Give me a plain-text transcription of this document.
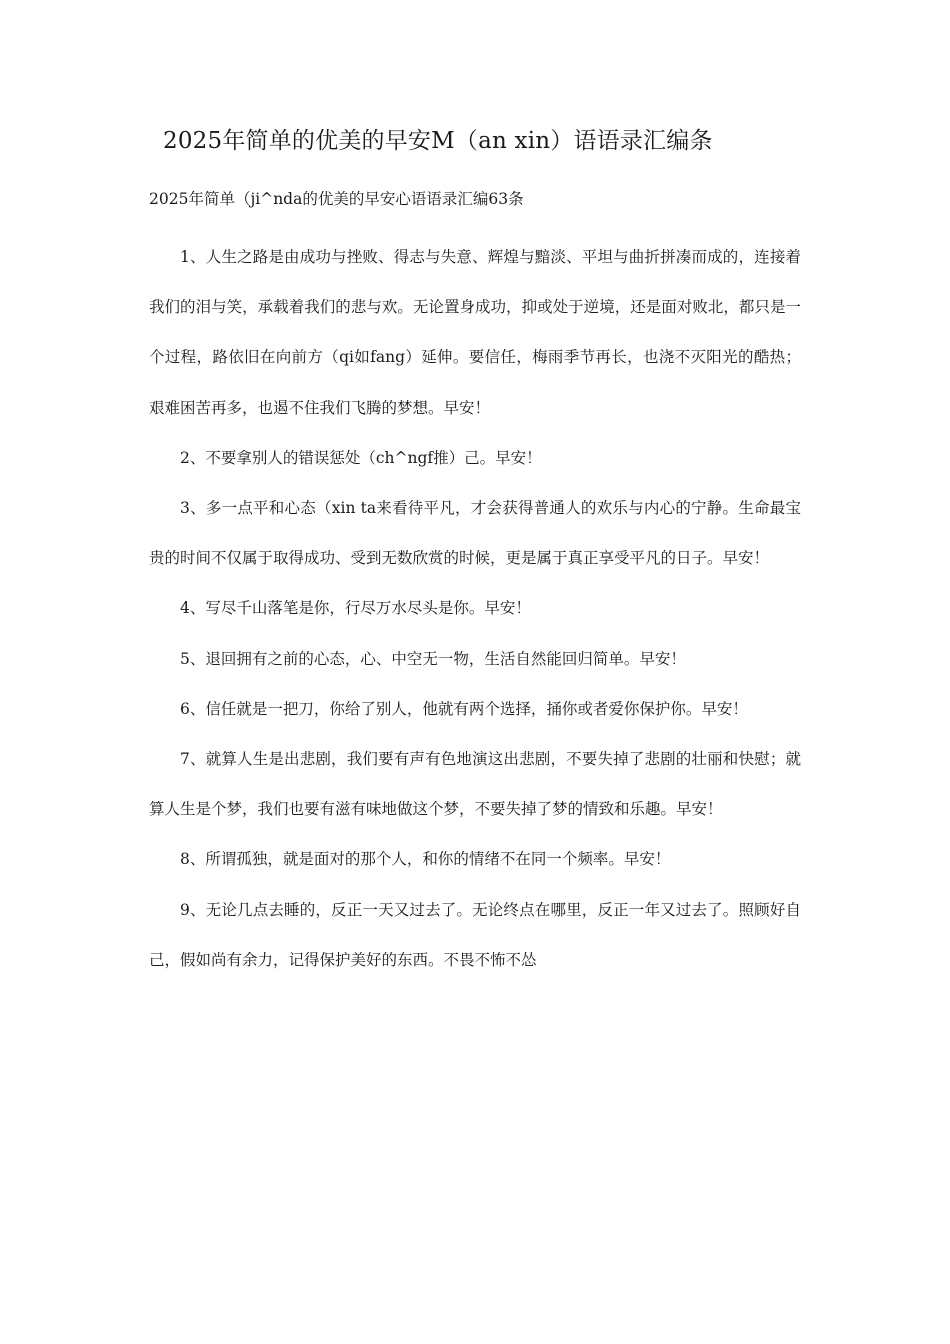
2025年简单的优美的早安M（an xin）语语录汇编条
2025年简单（ji^nda的优美的早安心语语录汇编63条

1、人生之路是由成功与挫败、得志与失意、辉煌与黯淡、平坦与曲折拼凑而成的，连接着我们的泪与笑，承载着我们的悲与欢。无论置身成功，抑或处于逆境，还是面对败北，都只是一个过程，路依旧在向前方（qi如fang）延伸。要信任，梅雨季节再长，也浇不灭阳光的酷热；艰难困苦再多，也遏不住我们飞腾的梦想。早安！

2、不要拿别人的错误惩处（ch^ngf推）己。早安！

3、多一点平和心态（xin ta来看待平凡，才会获得普通人的欢乐与内心的宁静。生命最宝贵的时间不仅属于取得成功、受到无数欣赏的时候，更是属于真正享受平凡的日子。早安！

4、写尽千山落笔是你，行尽万水尽头是你。早安！

5、退回拥有之前的心态，心、中空无一物，生活自然能回归简单。早安！

6、信任就是一把刀，你给了别人，他就有两个选择，捅你或者爱你保护你。早安！

7、就算人生是出悲剧，我们要有声有色地演这出悲剧，不要失掉了悲剧的壮丽和快慰；就算人生是个梦，我们也要有滋有味地做这个梦，不要失掉了梦的情致和乐趣。早安！

8、所谓孤独，就是面对的那个人，和你的情绪不在同一个频率。早安！

9、无论几点去睡的，反正一天又过去了。无论终点在哪里，反正一年又过去了。照顾好自己，假如尚有余力，记得保护美好的东西。不畏不怖不怂
